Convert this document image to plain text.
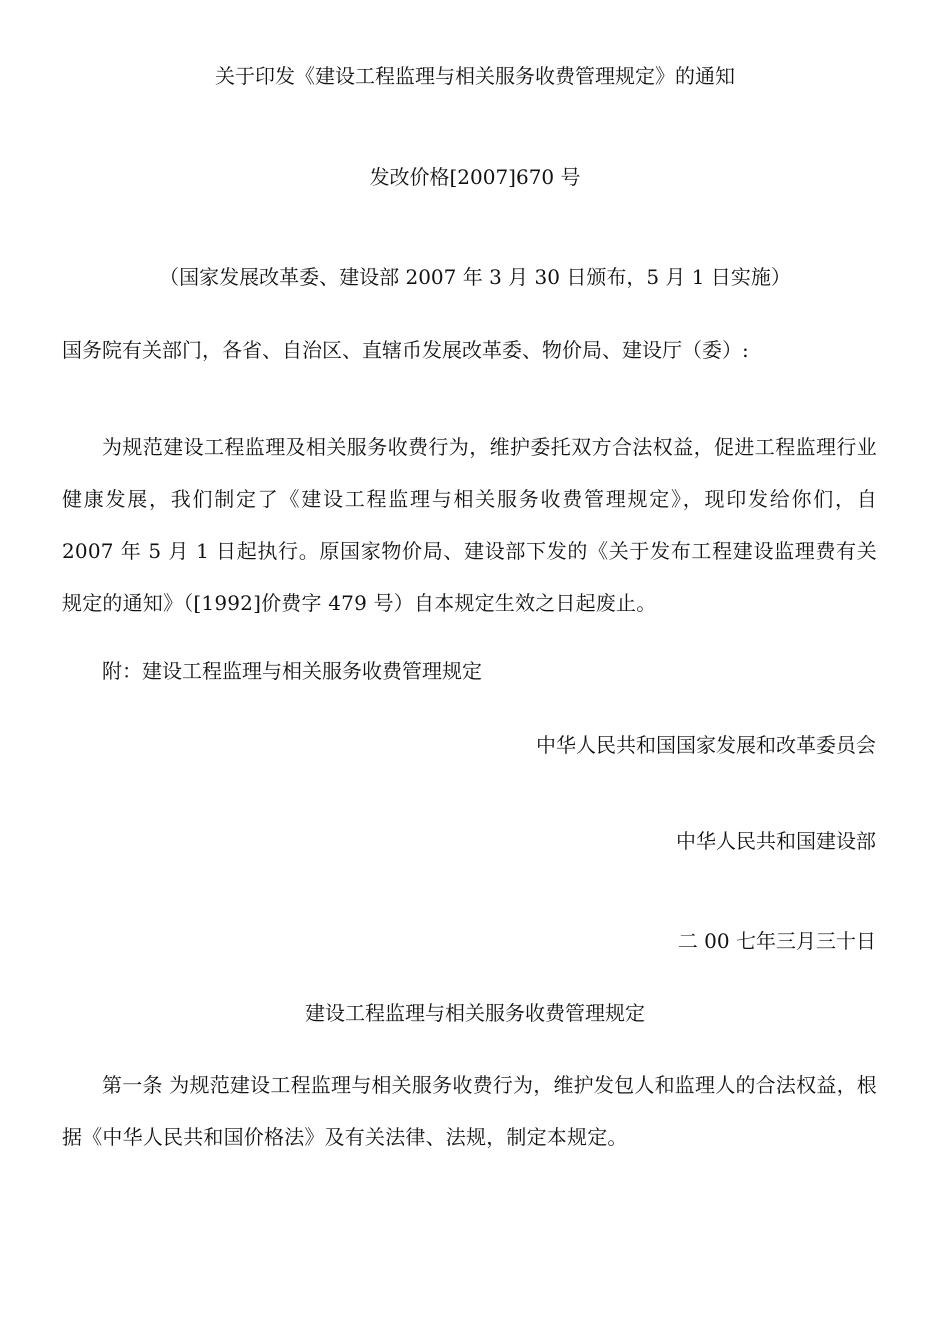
关于印发《建设工程监理与相关服务收费管理规定》的通知
发改价格[2007]670 号
（国家发展改革委、建设部 2007 年 3 月 30 日颁布，5 月 1 日实施）
国务院有关部门，各省、自治区、直辖币发展改革委、物价局、建设厅（委）:
为规范建设工程监理及相关服务收费行为，维护委托双方合法权益，促进工程监理行业健康发展，我们制定了《建设工程监理与相关服务收费管理规定》，现印发给你们，自 2007 年 5 月 1 日起执行。原国家物价局、建设部下发的《关于发布工程建设监理费有关规定的通知》（[1992]价费字 479 号）自本规定生效之日起废止。
附：建设工程监理与相关服务收费管理规定
中华人民共和国国家发展和改革委员会
中华人民共和国建设部
二 00 七年三月三十日
建设工程监理与相关服务收费管理规定
第一条 为规范建设工程监理与相关服务收费行为，维护发包人和监理人的合法权益，根据《中华人民共和国价格法》及有关法律、法规，制定本规定。
